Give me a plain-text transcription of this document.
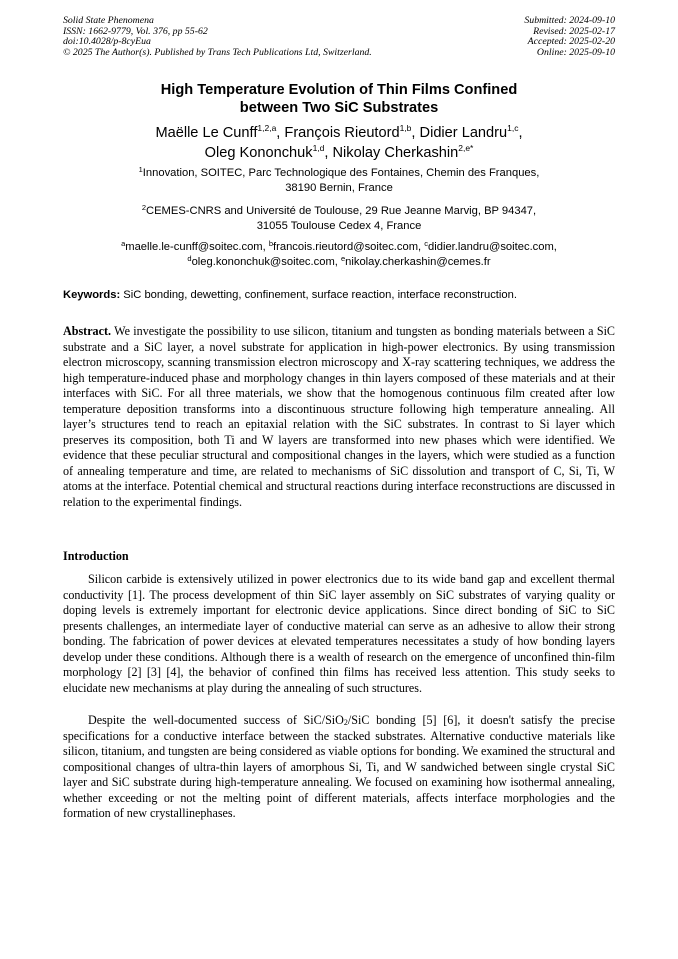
Solid State Phenomena
ISSN: 1662-9779, Vol. 376, pp 55-62
doi:10.4028/p-8cyEua
© 2025 The Author(s). Published by Trans Tech Publications Ltd, Switzerland.
Submitted: 2024-09-10
Revised: 2025-02-17
Accepted: 2025-02-20
Online: 2025-09-10
High Temperature Evolution of Thin Films Confined
between Two SiC Substrates
Maëlle Le Cunff$^{1,2,a}$, François Rieutord$^{1,b}$, Didier Landru$^{1,c}$,
Oleg Kononchuk$^{1,d}$, Nikolay Cherkashin$^{2,e*}$
$^1$Innovation, SOITEC, Parc Technologique des Fontaines, Chemin des Franques,
38190 Bernin, France
$^2$CEMES-CNRS and Université de Toulouse, 29 Rue Jeanne Marvig, BP 94347,
31055 Toulouse Cedex 4, France
$^a$maelle.le-cunff@soitec.com, $^b$francois.rieutord@soitec.com, $^c$didier.landru@soitec.com,
$^d$oleg.kononchuk@soitec.com, $^e$nikolay.cherkashin@cemes.fr
Keywords: SiC bonding, dewetting, confinement, surface reaction, interface reconstruction.
Abstract. We investigate the possibility to use silicon, titanium and tungsten as bonding materials between a SiC substrate and a SiC layer, a novel substrate for application in high-power electronics. By using transmission electron microscopy, scanning transmission electron microscopy and X-ray scattering techniques, we address the high temperature-induced phase and morphology changes in thin layers composed of these materials and at their interfaces with SiC. For all three materials, we show that the homogenous continuous film created after low temperature deposition transforms into a discontinuous structure following high temperature annealing. All layer’s structures tend to reach an epitaxial relation with the SiC substrates. In contrast to Si layer which preserves its composition, both Ti and W layers are transformed into new phases which were identified. We evidence that these peculiar structural and compositional changes in the layers, which were studied as a function of annealing temperature and time, are related to mechanisms of SiC dissolution and transport of C, Si, Ti, W atoms at the interface. Potential chemical and structural reactions during interface reconstructions are discussed in relation to the experimental findings.
Introduction
Silicon carbide is extensively utilized in power electronics due to its wide band gap and excellent thermal conductivity [1]. The process development of thin SiC layer assembly on SiC substrates of varying quality or doping levels is extremely important for electronic device applications. Since direct bonding of SiC to SiC presents challenges, an intermediate layer of conductive material can serve as an adhesive to allow their strong bonding. The fabrication of power devices at elevated temperatures necessitates a study of how bonding layers develop under these conditions. Although there is a wealth of research on the emergence of unconfined thin-film morphology [2] [3] [4], the behavior of confined thin films has received less attention. This study seeks to elucidate new mechanisms at play during the annealing of such structures.
Despite the well-documented success of SiC/SiO$_2$/SiC bonding [5] [6], it doesn't satisfy the precise specifications for a conductive interface between the stacked substrates. Alternative conductive materials like silicon, titanium, and tungsten are being considered as viable options for bonding. We examined the structural and compositional changes of ultra-thin layers of amorphous Si, Ti, and W sandwiched between single crystal SiC layer and SiC substrate during high-temperature annealing. We focused on examining how isothermal annealing, whether exceeding or not the melting point of different materials, affects interface morphologies and the formation of new crystallinephases.
